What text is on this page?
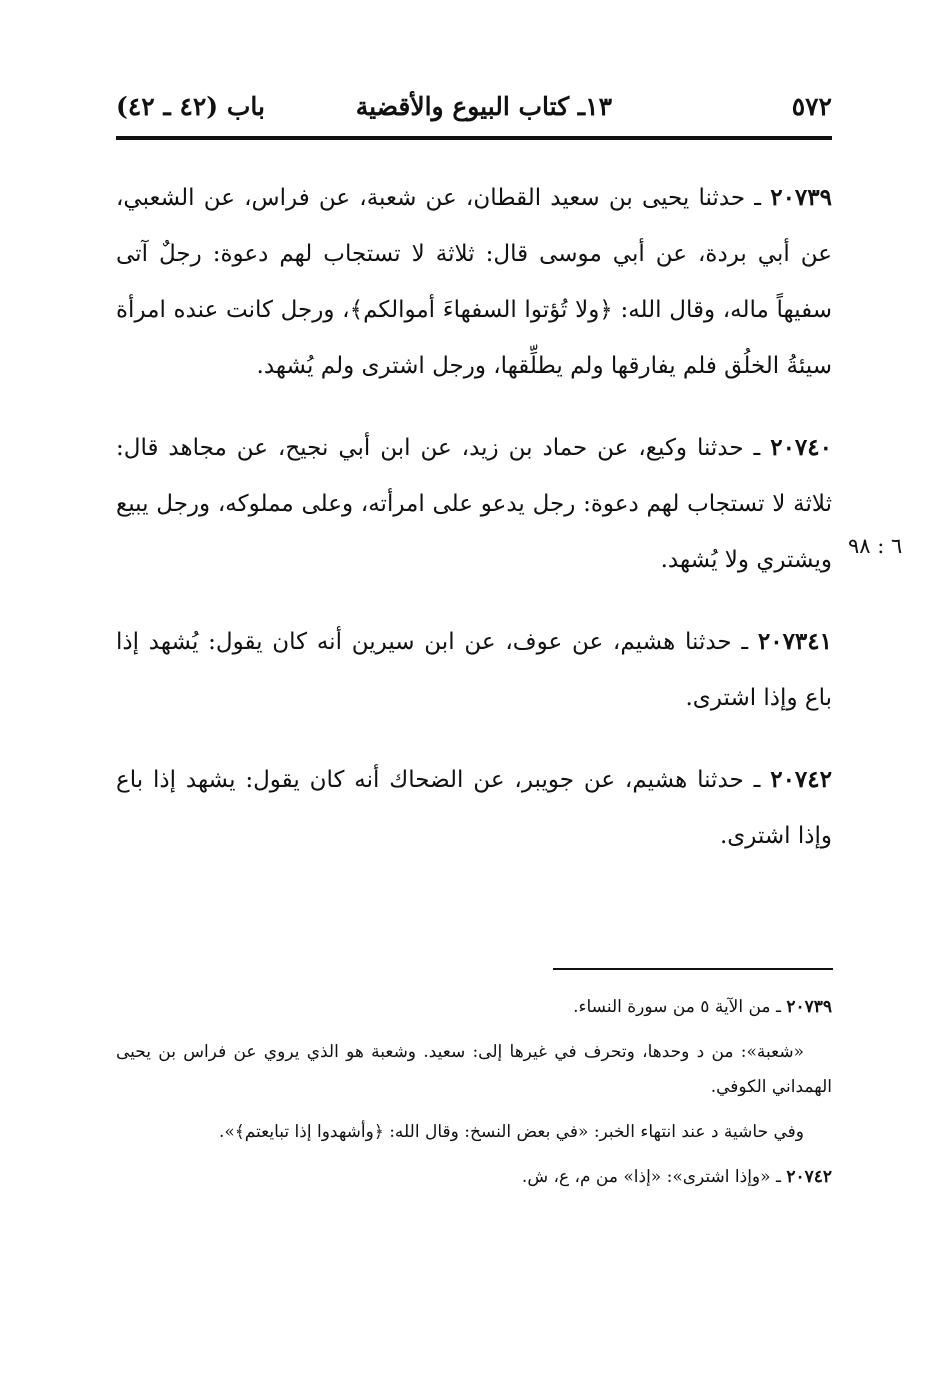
٥٧٢
١٣ـ كتاب البيوع والأقضية
باب (٤٢ ـ ٤٢)
٦ : ٩٨

٢٠٧٣٩ ـ حدثنا يحيى بن سعيد القطان، عن شعبة، عن فراس، عن الشعبي، عن أبي بردة، عن أبي موسى قال: ثلاثة لا تستجاب لهم دعوة: رجلٌ آتى سفيهاً ماله، وقال الله: ﴿ولا تُؤتوا السفهاءَ أموالكم﴾، ورجل كانت عنده امرأة سيئةُ الخلُق فلم يفارقها ولم يطلِّقها، ورجل اشترى ولم يُشهد.

٢٠٧٤٠ ـ حدثنا وكيع، عن حماد بن زيد، عن ابن أبي نجيح، عن مجاهد قال: ثلاثة لا تستجاب لهم دعوة: رجل يدعو على امرأته، وعلى مملوكه، ورجل يبيع ويشتري ولا يُشهد.

٢٠٧٣٤١ ـ حدثنا هشيم، عن عوف، عن ابن سيرين أنه كان يقول: يُشهد إذا باع وإذا اشترى.

٢٠٧٤٢ ـ حدثنا هشيم، عن جويبر، عن الضحاك أنه كان يقول: يشهد إذا باع وإذا اشترى.

٢٠٧٣٩ ـ من الآية ٥ من سورة النساء.

«شعبة»: من د وحدها، وتحرف في غيرها إلى: سعيد. وشعبة هو الذي يروي عن فراس بن يحيى الهمداني الكوفي.

وفي حاشية د عند انتهاء الخبر: «في بعض النسخ: وقال الله: ﴿وأشهدوا إذا تبايعتم﴾».

٢٠٧٤٢ ـ «وإذا اشترى»: «إذا» من م، ع، ش.
